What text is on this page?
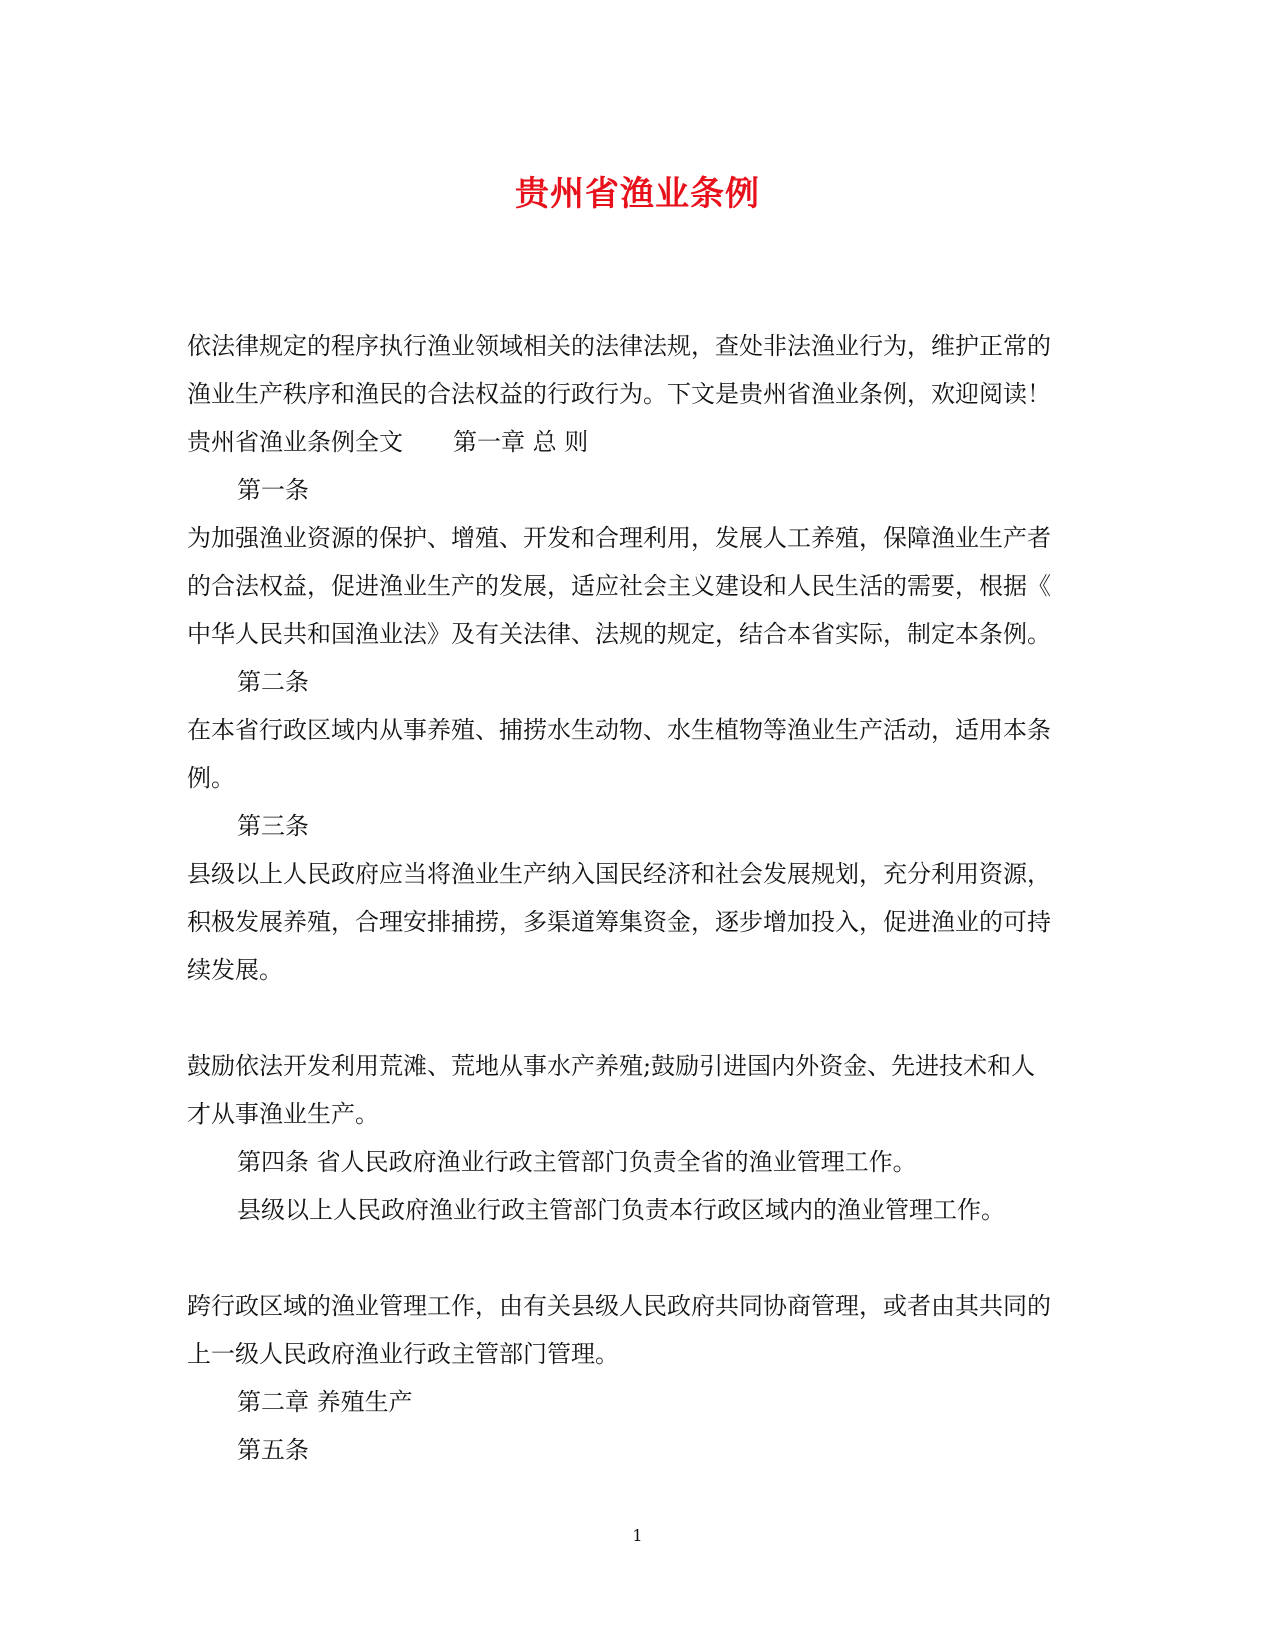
贵州省渔业条例
依法律规定的程序执行渔业领域相关的法律法规，查处非法渔业行为，维护正常的
渔业生产秩序和渔民的合法权益的行政行为。下文是贵州省渔业条例，欢迎阅读！
贵州省渔业条例全文 第一章 总 则
第一条
为加强渔业资源的保护、增殖、开发和合理利用，发展人工养殖，保障渔业生产者
的合法权益，促进渔业生产的发展，适应社会主义建设和人民生活的需要，根据《
中华人民共和国渔业法》及有关法律、法规的规定，结合本省实际，制定本条例。
第二条
在本省行政区域内从事养殖、捕捞水生动物、水生植物等渔业生产活动，适用本条
例。
第三条
县级以上人民政府应当将渔业生产纳入国民经济和社会发展规划，充分利用资源，
积极发展养殖，合理安排捕捞，多渠道筹集资金，逐步增加投入，促进渔业的可持
续发展。
鼓励依法开发利用荒滩、荒地从事水产养殖;鼓励引进国内外资金、先进技术和人
才从事渔业生产。
第四条 省人民政府渔业行政主管部门负责全省的渔业管理工作。
县级以上人民政府渔业行政主管部门负责本行政区域内的渔业管理工作。
跨行政区域的渔业管理工作，由有关县级人民政府共同协商管理，或者由其共同的
上一级人民政府渔业行政主管部门管理。
第二章 养殖生产
第五条
1
